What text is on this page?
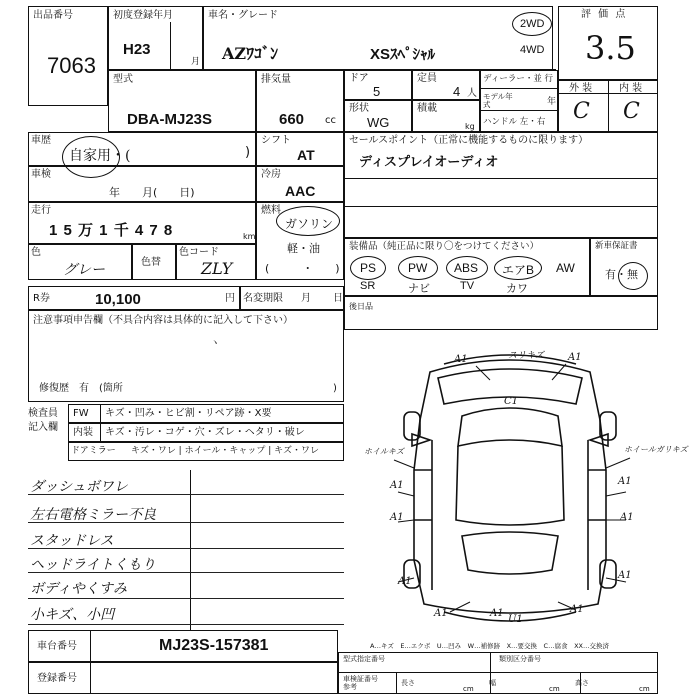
出品番号
7063
初度登録年月
H23
月
車名・グレード
AZﾜｺﾞﾝ	XSｽﾍﾟｼｬﾙ
2WD
4WD
評 価 点
3.5
型式
DBA-MJ23S
排気量
660 cc
ドア
5
定員
4 人
形状
WG
積載
kg
ディーラー・並 行
モデル年式	年
ハンドル 左・右
外 装	内 装
C C
車歴
自家用・(	)
シフト
AT
セールスポイント（正常に機能するものに限ります）
ディスプレイオーディオ
車検
年　　月(　　日)
冷房
AAC
走行
1 5 万 1 千 4 7 8	km
燃料
ガソリン
軽・油
(　　　・　　)
色
グレー	色替
色コード
ZLY
装備品（純正品に限り〇をつけてください）
PS	PW ABS エアB AW
SR	ナビ	TV	カワ
新車保証書
有・無
R券	10,100	円 名変期限 月 日
後日品
注意事項申告欄（不具合内容は具体的に記入して下さい）
修復歴　有　(箇所	)
ヽ
検査員
記入欄
FW キズ・凹み・ヒビ割・リペア跡・X要
内装 キズ・汚レ・コゲ・穴・ズレ・ヘタリ・破レ
ドアミラー キズ・ワレ | ホイール・キャップ | キズ・ワレ
ダッシュボワレ
左右電格ミラー不良
スタッドレス
ヘッドライトくもり
ボディやくすみ
小キズ、小凹
A1	A1
スリキズ
C1
ホイルキズ	ホイールガリキズ
A1	A1
A1	A1
A1
A1
A1	A1
U1
A1
A…キズ　E…エクボ　U…凹み　W…補修跡　X…要交換　C…腐食　XX…交換済
車台番号	MJ23S-157381
登録番号
型式指定番号	類別区分番号
車検証番号
参考	長さ
cm
幅
cm
高さ
cm
